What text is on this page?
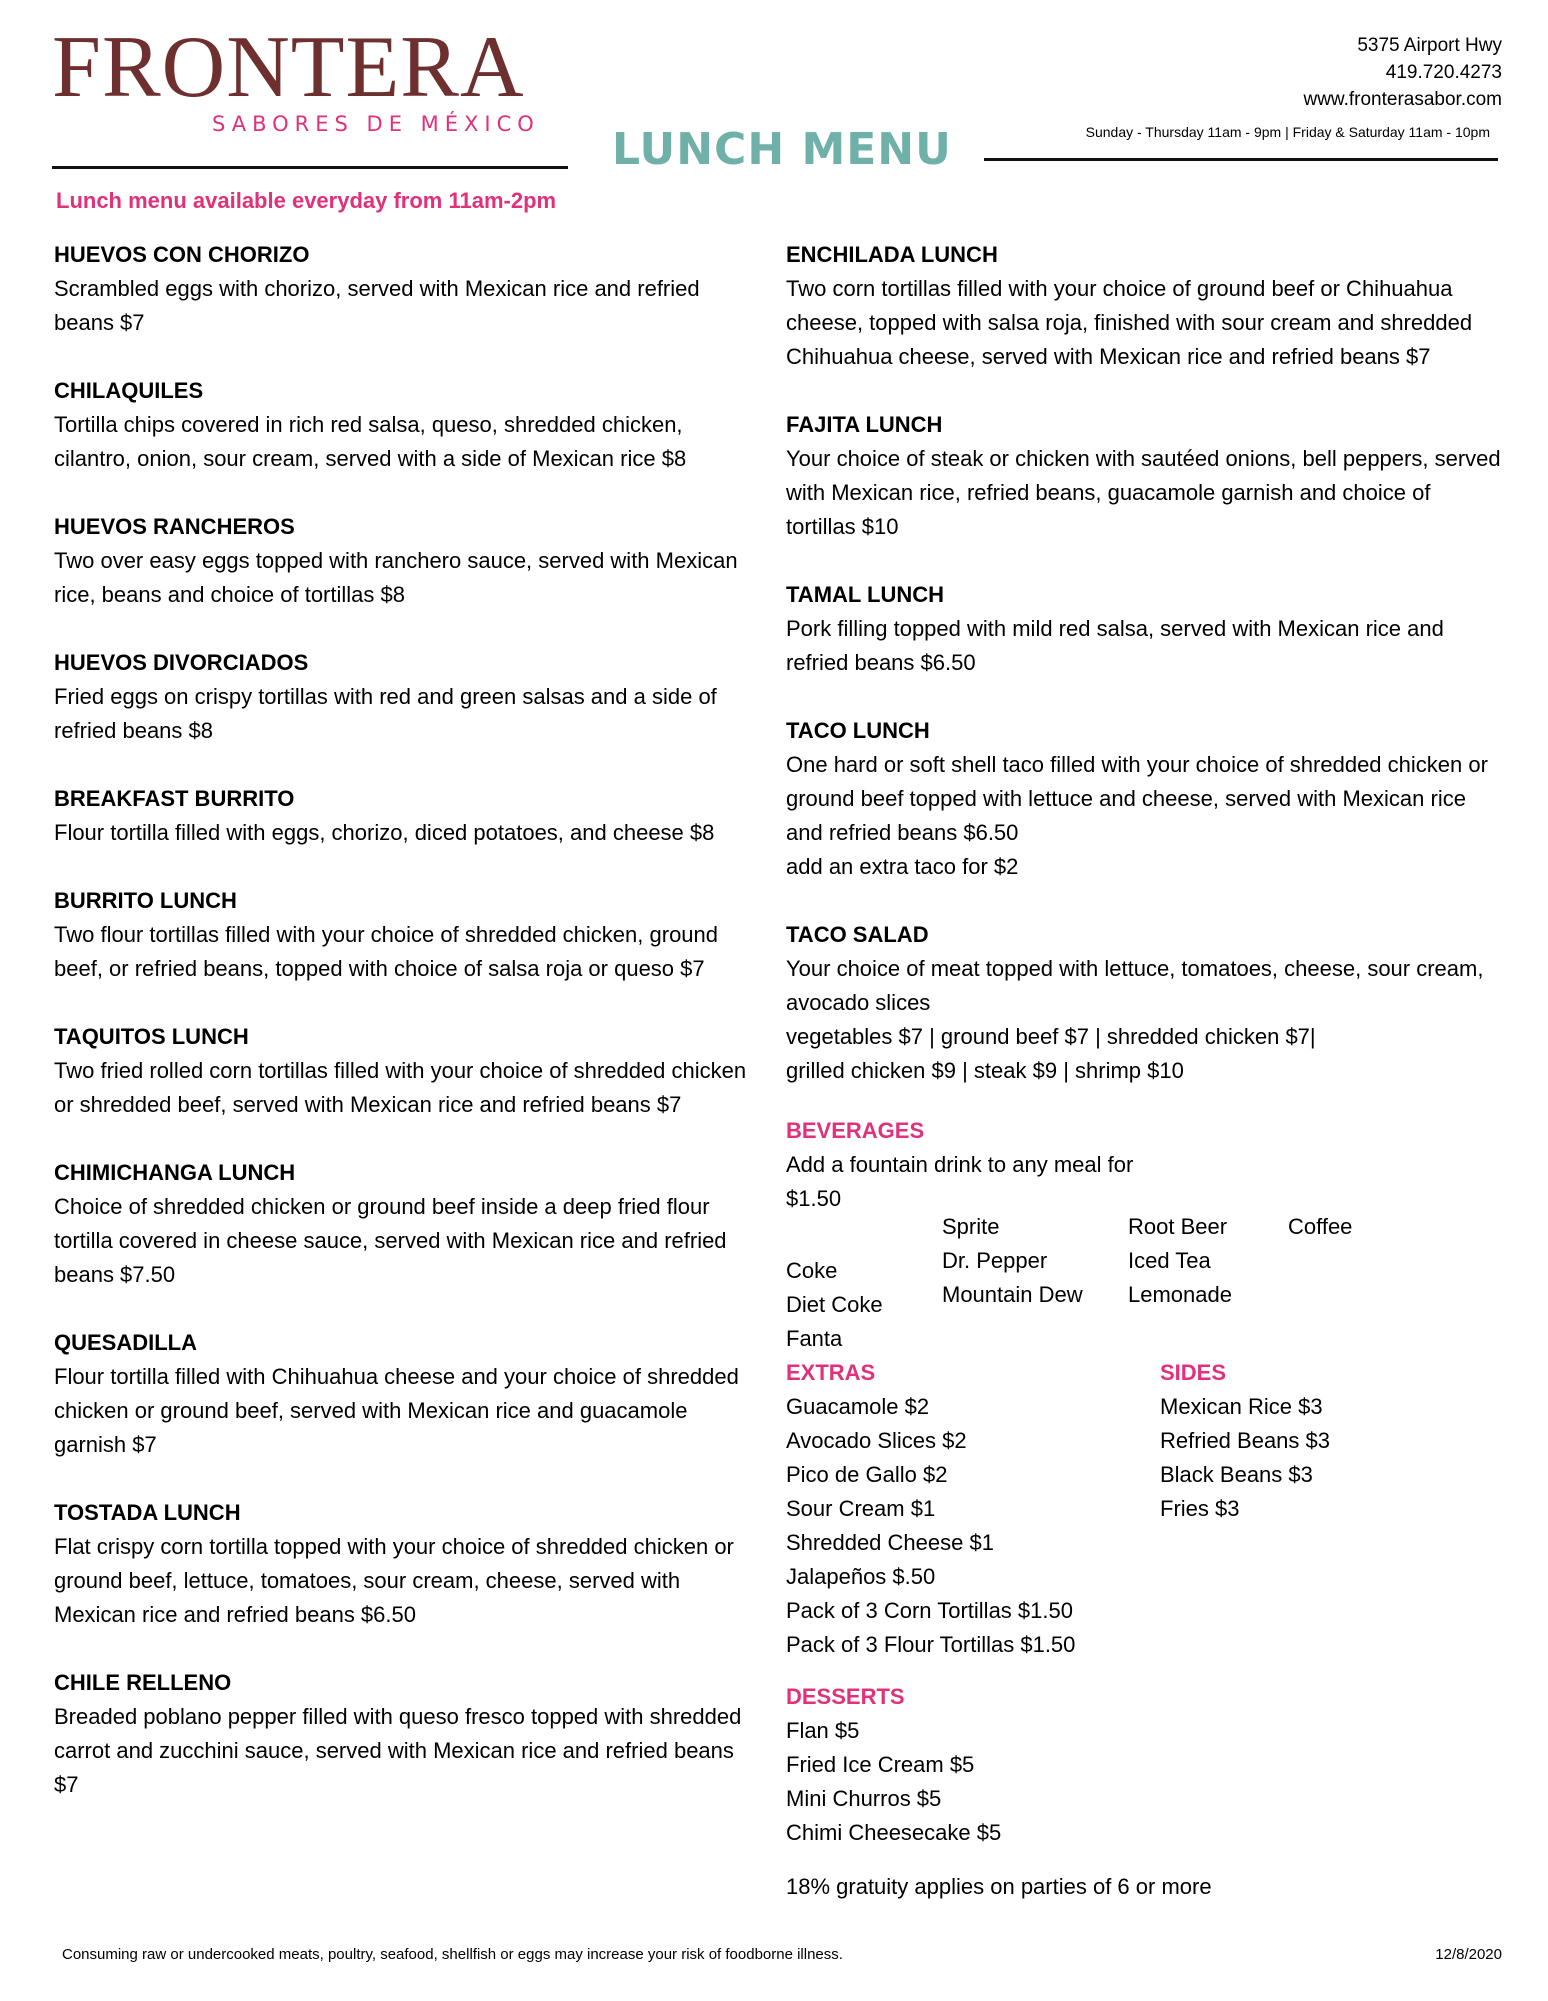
FRONTERA
SABORES DE MÉXICO
5375 Airport Hwy
419.720.4273
www.fronterasabor.com
Sunday - Thursday 11am - 9pm | Friday & Saturday 11am - 10pm
LUNCH MENU
Lunch menu available everyday from 11am-2pm
HUEVOS CON CHORIZO
Scrambled eggs with chorizo, served with Mexican rice and refried beans $7
CHILAQUILES
Tortilla chips covered in rich red salsa, queso, shredded chicken, cilantro, onion, sour cream, served with a side of Mexican rice $8
HUEVOS RANCHEROS
Two over easy eggs topped with ranchero sauce, served with Mexican rice, beans and choice of tortillas $8
HUEVOS DIVORCIADOS
Fried eggs on crispy tortillas with red and green salsas and a side of refried beans $8
BREAKFAST BURRITO
Flour tortilla filled with eggs, chorizo, diced potatoes, and cheese $8
BURRITO LUNCH
Two flour tortillas filled with your choice of shredded chicken, ground beef, or refried beans, topped with choice of salsa roja or queso $7
TAQUITOS LUNCH
Two fried rolled corn tortillas filled with your choice of shredded chicken or shredded beef, served with Mexican rice and refried beans $7
CHIMICHANGA LUNCH
Choice of shredded chicken or ground beef inside a deep fried flour tortilla covered in cheese sauce, served with Mexican rice and refried beans $7.50
QUESADILLA
Flour tortilla filled with Chihuahua cheese and your choice of shredded chicken or ground beef, served with Mexican rice and guacamole garnish $7
TOSTADA LUNCH
Flat crispy corn tortilla topped with your choice of shredded chicken or ground beef, lettuce, tomatoes, sour cream, cheese, served with Mexican rice and refried beans $6.50
CHILE RELLENO
Breaded poblano pepper filled with queso fresco topped with shredded carrot and zucchini sauce, served with Mexican rice and refried beans $7
ENCHILADA LUNCH
Two corn tortillas filled with your choice of ground beef or Chihuahua cheese, topped with salsa roja, finished with sour cream and shredded Chihuahua cheese, served with Mexican rice and refried beans $7
FAJITA LUNCH
Your choice of steak or chicken with sautéed onions, bell peppers, served with Mexican rice, refried beans, guacamole garnish and choice of tortillas $10
TAMAL LUNCH
Pork filling topped with mild red salsa, served with Mexican rice and refried beans $6.50
TACO LUNCH
One hard or soft shell taco filled with your choice of shredded chicken or ground beef topped with lettuce and cheese, served with Mexican rice and refried beans $6.50
add an extra taco for $2
TACO SALAD
Your choice of meat topped with lettuce, tomatoes, cheese, sour cream, avocado slices
vegetables $7 | ground beef $7 | shredded chicken $7|
grilled chicken $9 | steak $9 | shrimp $10
BEVERAGES
Add a fountain drink to any meal for $1.50
Coke
Diet Coke
Fanta
Sprite
Dr. Pepper
Mountain Dew
Root Beer
Iced Tea
Lemonade
Coffee
EXTRAS
Guacamole $2
Avocado Slices $2
Pico de Gallo $2
Sour Cream $1
Shredded Cheese $1
Jalapeños $.50
Pack of 3 Corn Tortillas $1.50
Pack of 3 Flour Tortillas $1.50
SIDES
Mexican Rice $3
Refried Beans $3
Black Beans $3
Fries $3
DESSERTS
Flan $5
Fried Ice Cream $5
Mini Churros $5
Chimi Cheesecake $5
18% gratuity applies on parties of 6 or more
Consuming raw or undercooked meats, poultry, seafood, shellfish or eggs may increase your risk of foodborne illness.	12/8/2020
